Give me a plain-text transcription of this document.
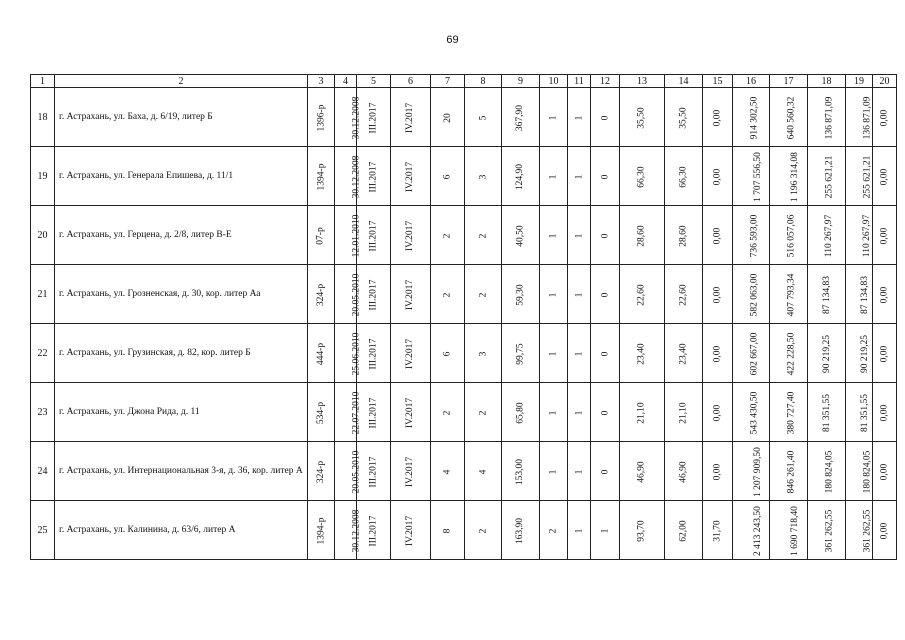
69
1	2	3	4	5	6	7	8	9	10	11	12	13	14	15	16	17	18	19	20
18	г. Астрахань, ул. Баха, д. 6/19, литер Б	1396-р	30.12.2008	III.2017	IV.2017	20	5	367,90	1	1	0	35,50	35,50	0,00	914 302,50	640 560,32	136 871,09	136 871,09	0,00
19	г. Астрахань, ул. Генерала Епишева, д. 11/1	1394-р	30.12.2008	III.2017	IV.2017	6	3	124,90	1	1	0	66,30	66,30	0,00	1 707 556,50	1 196 314,08	255 621,21	255 621,21	0,00
20	г. Астрахань, ул. Герцена, д. 2/8, литер В-Е	07-р	12.01.2010	III.2017	IV.2017	2	2	40,50	1	1	0	28,60	28,60	0,00	736 593,00	516 057,06	110 267,97	110 267,97	0,00
21	г. Астрахань, ул. Грозненская, д. 30, кор. литер Аа	324-р	20.05.2010	III.2017	IV.2017	2	2	59,30	1	1	0	22,60	22,60	0,00	582 063,00	407 793,34	87 134,83	87 134,83	0,00
22	г. Астрахань, ул. Грузинская, д. 82, кор. литер Б	444-р	25.06.2010	III.2017	IV.2017	6	3	99,75	1	1	0	23,40	23,40	0,00	602 667,00	422 228,50	90 219,25	90 219,25	0,00
23	г. Астрахань, ул. Джона Рида, д. 11	534-р	22.07.2010	III.2017	IV.2017	2	2	65,80	1	1	0	21,10	21,10	0,00	543 430,50	380 727,40	81 351,55	81 351,55	0,00
24	г. Астрахань, ул. Интернациональная 3-я, д. 36, кор. литер А	324-р	20.05.2010	III.2017	IV.2017	4	4	153,00	1	1	0	46,90	46,90	0,00	1 207 909,50	846 261,40	180 824,05	180 824,05	0,00
25	г. Астрахань, ул. Калинина, д. 63/6, литер А	1394-р	30.12.2008	III.2017	IV.2017	8	2	163,90	2	1	1	93,70	62,00	31,70	2 413 243,50	1 690 718,40	361 262,55	361 262,55	0,00
